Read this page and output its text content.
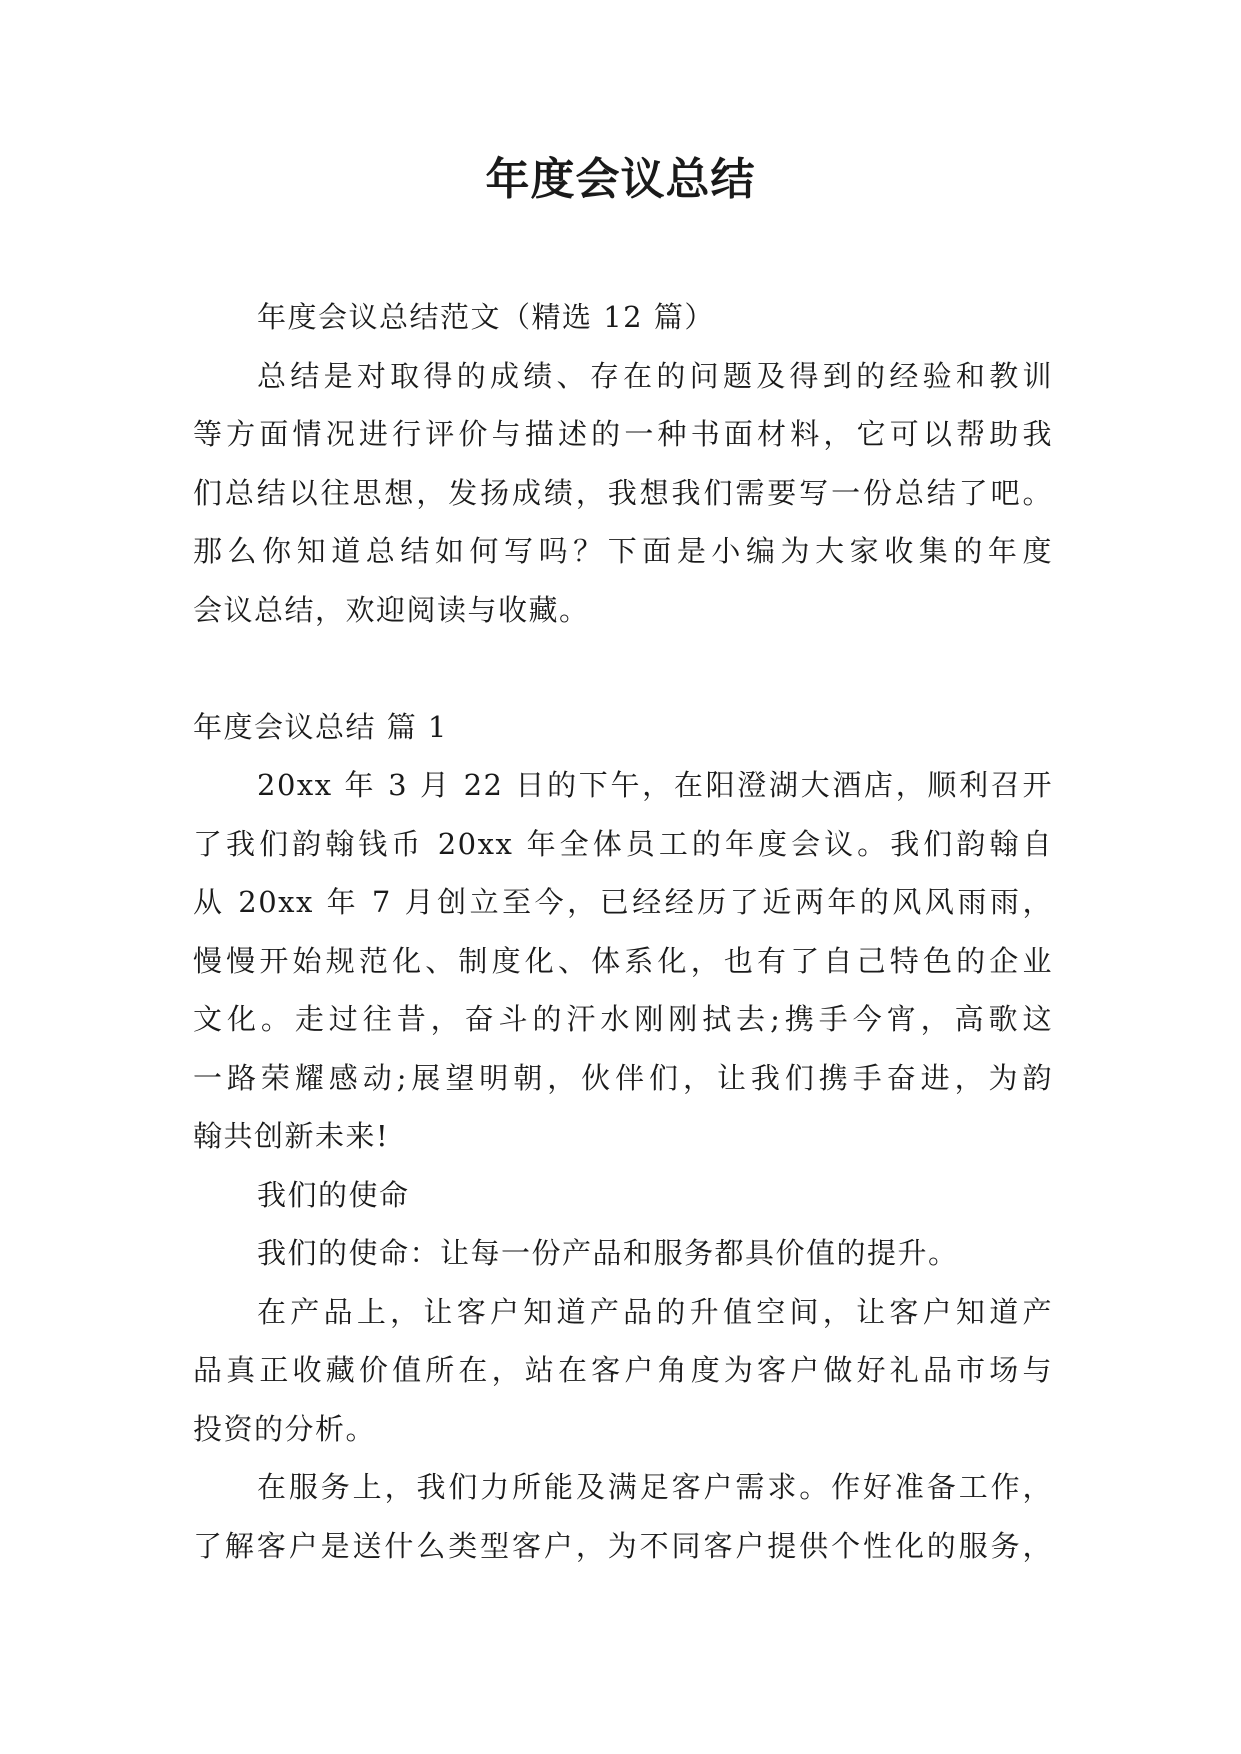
年度会议总结
年度会议总结范文（精选 12 篇）
总结是对取得的成绩、存在的问题及得到的经验和教训
等方面情况进行评价与描述的一种书面材料，它可以帮助我
们总结以往思想，发扬成绩，我想我们需要写一份总结了吧。
那么你知道总结如何写吗？下面是小编为大家收集的年度
会议总结，欢迎阅读与收藏。
年度会议总结 篇 1
20xx 年 3 月 22 日的下午，在阳澄湖大酒店，顺利召开
了我们韵翰钱币 20xx 年全体员工的年度会议。我们韵翰自
从 20xx 年 7 月创立至今，已经经历了近两年的风风雨雨，
慢慢开始规范化、制度化、体系化，也有了自己特色的企业
文化。走过往昔，奋斗的汗水刚刚拭去;携手今宵，高歌这
一路荣耀感动;展望明朝，伙伴们，让我们携手奋进，为韵
翰共创新未来!
我们的使命
我们的使命：让每一份产品和服务都具价值的提升。
在产品上，让客户知道产品的升值空间，让客户知道产
品真正收藏价值所在，站在客户角度为客户做好礼品市场与
投资的分析。
在服务上，我们力所能及满足客户需求。作好准备工作，
了解客户是送什么类型客户，为不同客户提供个性化的服务，
